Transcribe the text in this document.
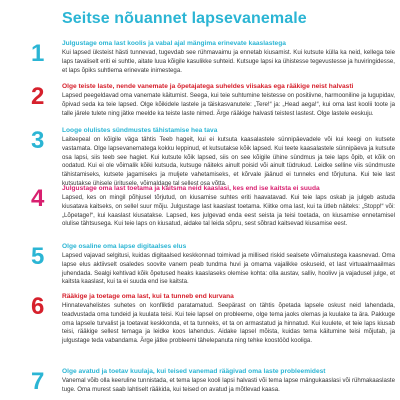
Seitse nõuannet lapsevanemale
1	Julgustage oma last koolis ja vabal ajal mängima erinevate kaaslastega

Kui lapsed üksteist hästi tunnevad, tugevdab see rühmavaimu ja ennetab kiusamist. Kui kutsute külla ka neid, kellega teie laps tavaliselt eriti ei suhtle, aitate luua kõigile kasulikke suhteid. Kutsuge lapsi ka ühistesse tegevustesse ja huviringidesse, et laps õpiks suhtlema erinevate inimestega.

2	Olge teiste laste, nende vanemate ja õpetajatega suheldes viisakas ega rääkige neist halvasti

Lapsed peegeldavad oma vanemate käitumist. Seega, kui teie suhtumine teistesse on positiivne, harmooniline ja lugupidav, õpivad seda ka teie lapsed. Olge kõikidele lastele ja täiskasvanutele: „Tere!“ ja: „Head aega!“, kui oma last koolii toote ja talle järele tulete ning jätke meelde ka teiste laste nimed. Ärge rääkige halvasti teistest lastest. Olge lastele eeskuju.

3	Looge olulistes sündmustes tähistamise hea tava

Laiteepeal on kõigile väga tähtis Teeb hageit, kui ei kutsuta kaasalastele sünnipäevadele või kui keegi on kutsete vastamata. Olge lapsevanematega kokku leppinud, et kutsutakse kõik lapsed. Kui teete kaasalastele sünnipäeva ja kutsute osa lapsi, siis teeb see hagiet. Kui kutsute kõik lapsed, siis on see kõigile ühine sündmus ja teie laps õpib, et kõik on oodatud. Kui ei ole võimalik kõiki kutsuda, kutsuge näiteks ainult poisid või ainult tüdrukud. Leidke selline viis sündmuste tähistamiseks, kutsete jagamiseks ja muljete vahetamiseks, et kõrvale jäänud ei tunneks end tõrjutuna. Kui teie last kutsutakse ühisele üritusele, võimaldage tal sellest osa võtta.

4	Julgustage oma last toetama ja kaitsma neid kaaslasi, kes end ise kaitsta ei suuda

Lapsed, kes on mingil põhjusel tõrjutud, on kiusamise suhtes eriti haavatavad. Kui teie laps oskab ja julgeb astuda kiusatava kaitseks, on sellel suur mõju. Julgustage last kaaslast toetama. Kiitke oma last, kui ta ütleb näiteks: „Stopp!“ või: „Lõpetage!“, kui kaaslast kiusatakse. Lapsed, kes julgevad enda eest seista ja teisi toetada, on kiusamise ennetamisel olulise tähtsusega. Kui teie laps on kiusatud, aidake tal leida sõpru, sest sõbrad kaitsevad kiusamise eest.

5	Olge osaline oma lapse digitaalses elus

Lapsed vajavad selgitusi, kuidas digitaalsed keskkonnad toimivad ja millised riskid sealsete võimalustega kaasnevad. Oma lapse elus aktiivselt osaledes soovite vanem peab tundma huvi ja omama vajalikke oskuseid, et last virtuaalmaailmas juhendada. Sealgi kehtivad kõik õpetused heaks kaaslaseks olemise kohta: olla austav, salliv, hoolivv ja vajadusel julge, et kaitsta kaaslast, kui ta ei suuda end ise kaitsta.

6	Rääkige ja toetage oma last, kui ta tunneb end kurvana

Hinnatevahelistes suhetes on konfliktid paratamatud. Seepärast on tähtis õpetada lapsele oskust neid lahendada, teadvustada oma tundeid ja kuulata teisi. Kui teie lapsel on probleeme, olge tema jaoks olemas ja kuulake ta ära. Pakkuge oma lapsele turvalist ja toetavat keskkonda, et ta tunneks, et ta on armastatud ja hinnatud. Kui kuulete, et teie laps kiusab teisi, rääkige sellest temaga ja leidke koos lahendus. Aidake lapsel mõista, kuidas tema käitumine teisi mõjutab, ja julgustage teda vabandama. Ärge jätke probleemi tähelepanuta ning tehke koostööd kooliga.

7	Olge avatud ja toetav kuulaja, kui teised vanemad räägivad oma laste probleemidest

Vanemal võib olla keeruline tunnistada, et tema lapse kooli lapsi halvasti või tema lapse mängukaaslasi või rühmakaaslaste tuge. Oma murest saab lahtiselt rääkida, kui teised on avatud ja mõtlevad kaasa.
